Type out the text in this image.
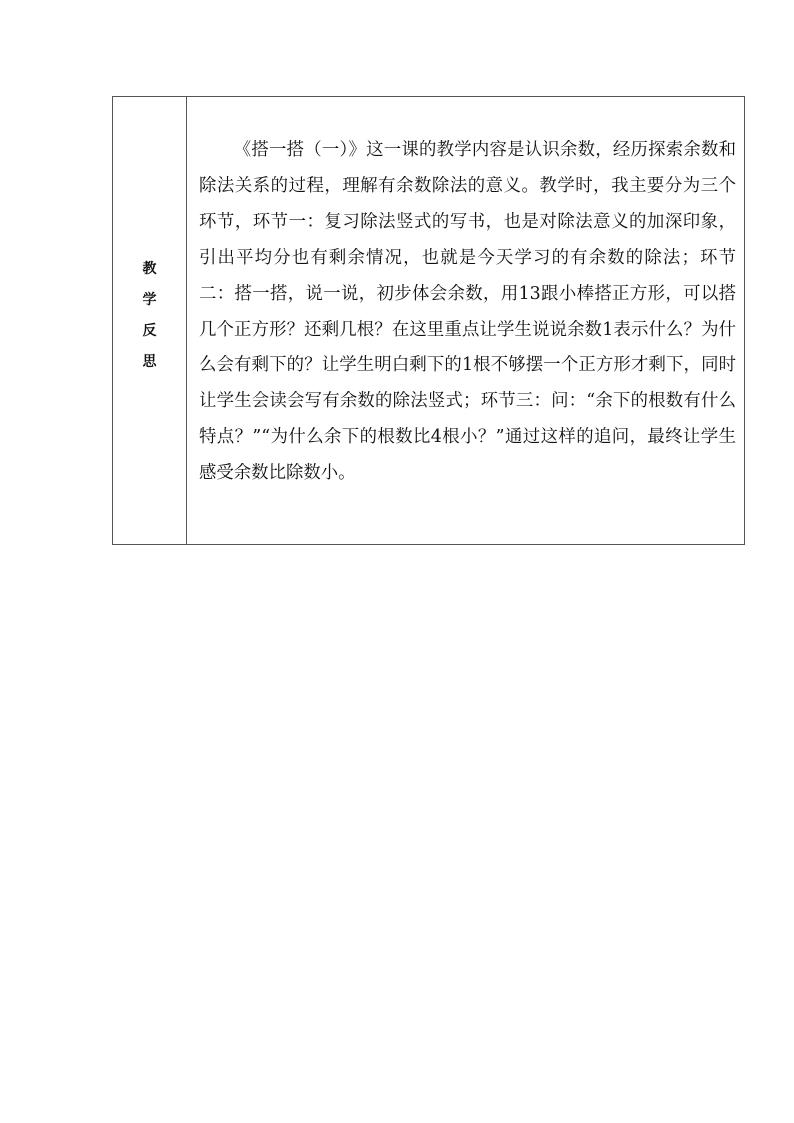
教
学
反
思

《搭一搭（一）》这一课的教学内容是认识余数，经历探索余数和除法关系的过程，理解有余数除法的意义。教学时，我主要分为三个环节，环节一：复习除法竖式的写书，也是对除法意义的加深印象，引出平均分也有剩余情况，也就是今天学习的有余数的除法；环节二：搭一搭，说一说，初步体会余数，用13跟小棒搭正方形，可以搭几个正方形？还剩几根？在这里重点让学生说说余数1表示什么？为什么会有剩下的？让学生明白剩下的1根不够摆一个正方形才剩下，同时让学生会读会写有余数的除法竖式；环节三：问：“余下的根数有什么特点？”“为什么余下的根数比4根小？”通过这样的追问，最终让学生感受余数比除数小。
